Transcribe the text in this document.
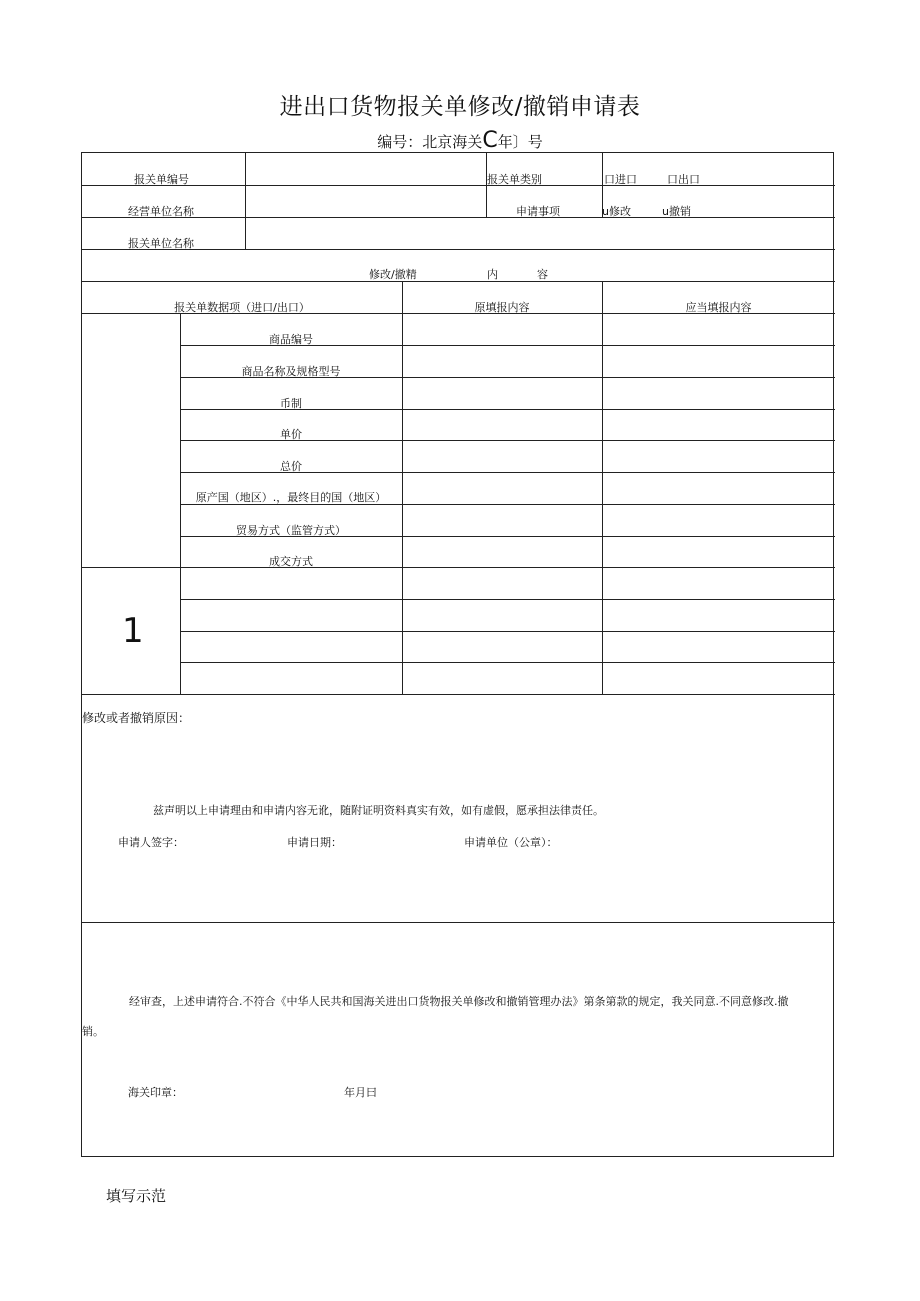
进出口货物报关单修改/撤销申请表
编号：北京海关C年〕号
报关单编号	报关单类别	口进口	口出口
经营单位名称	申请事项	u修改	u撤销
报关单位名称
修改/撤精	内	容
报关单数据项（进口/出口）	原填报内容	应当填报内容
商品编号
商品名称及规格型号
币制
单价
总价
原产国（地区）.，最终目的国（地区）
贸易方式（监管方式）
成交方式
1
修改或者撤销原因：
兹声明以上申请理由和申请内容无讹，随附证明资料真实有效，如有虚假，愿承担法律责任。
申请人签字：	申请日期：	申请单位（公章）：
经审查，上述申请符合.不符合《中华人民共和国海关进出口货物报关单修改和撤销管理办法》第条第款的规定，我关同意.不同意修改.撤
销。
海关印章：	年月曰
填写示范
